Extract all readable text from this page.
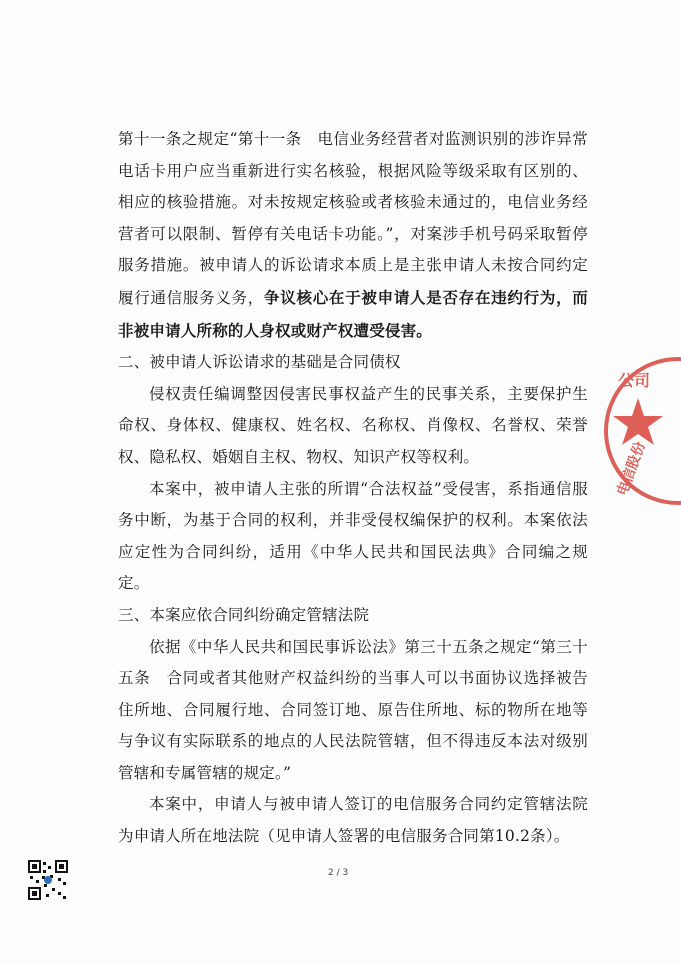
第十一条之规定“第十一条　电信业务经营者对监测识别的涉诈异常电话卡用户应当重新进行实名核验，根据风险等级采取有区别的、相应的核验措施。对未按规定核验或者核验未通过的，电信业务经营者可以限制、暂停有关电话卡功能。”，对案涉手机号码采取暂停服务措施。被申请人的诉讼请求本质上是主张申请人未按合同约定履行通信服务义务，争议核心在于被申请人是否存在违约行为，而非被申请人所称的人身权或财产权遭受侵害。

二、被申请人诉讼请求的基础是合同债权

侵权责任编调整因侵害民事权益产生的民事关系，主要保护生命权、身体权、健康权、姓名权、名称权、肖像权、名誉权、荣誉权、隐私权、婚姻自主权、物权、知识产权等权利。

本案中，被申请人主张的所谓“合法权益”受侵害，系指通信服务中断，为基于合同的权利，并非受侵权编保护的权利。本案依法应定性为合同纠纷，适用《中华人民共和国民法典》合同编之规定。

三、本案应依合同纠纷确定管辖法院

依据《中华人民共和国民事诉讼法》第三十五条之规定“第三十五条　合同或者其他财产权益纠纷的当事人可以书面协议选择被告住所地、合同履行地、合同签订地、原告住所地、标的物所在地等与争议有实际联系的地点的人民法院管辖，但不得违反本法对级别管辖和专属管辖的规定。”

本案中，申请人与被申请人签订的电信服务合同约定管辖法院为申请人所在地法院（见申请人签署的电信服务合同第10.2条）。

公司
电信股份
2 / 3
